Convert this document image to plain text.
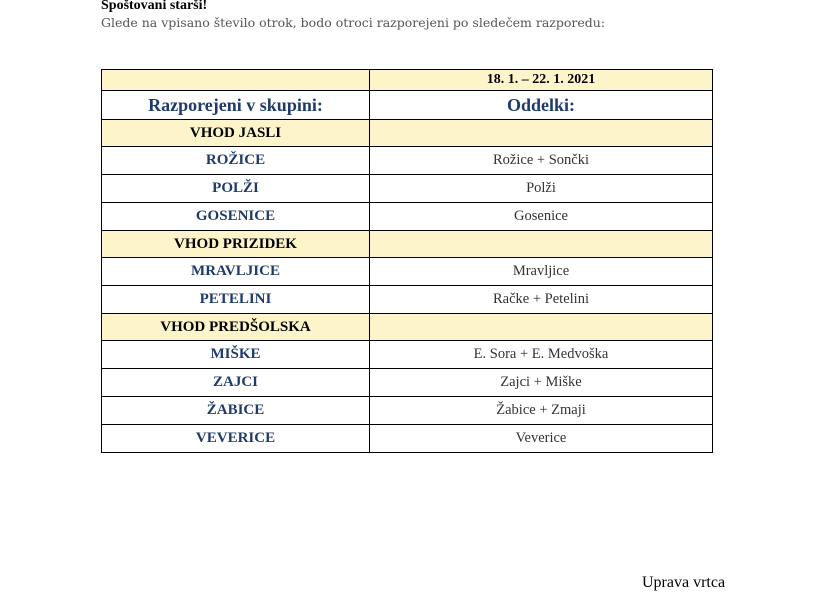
Spoštovani starši!
Glede na vpisano število otrok, bodo otroci razporejeni po sledečem razporedu:
	18. 1. – 22. 1. 2021
Razporejeni v skupini:	Oddelki:
VHOD JASLI	
ROŽICE	Rožice + Sončki
POLŽI	Polži
GOSENICE	Gosenice
VHOD PRIZIDEK	
MRAVLJICE	Mravljice
PETELINI	Račke + Petelini
VHOD PREDŠOLSKA	
MIŠKE	E. Sora + E. Medvoška
ZAJCI	Zajci + Miške
ŽABICE	Žabice + Zmaji
VEVERICE	Veverice
Uprava vrtca
